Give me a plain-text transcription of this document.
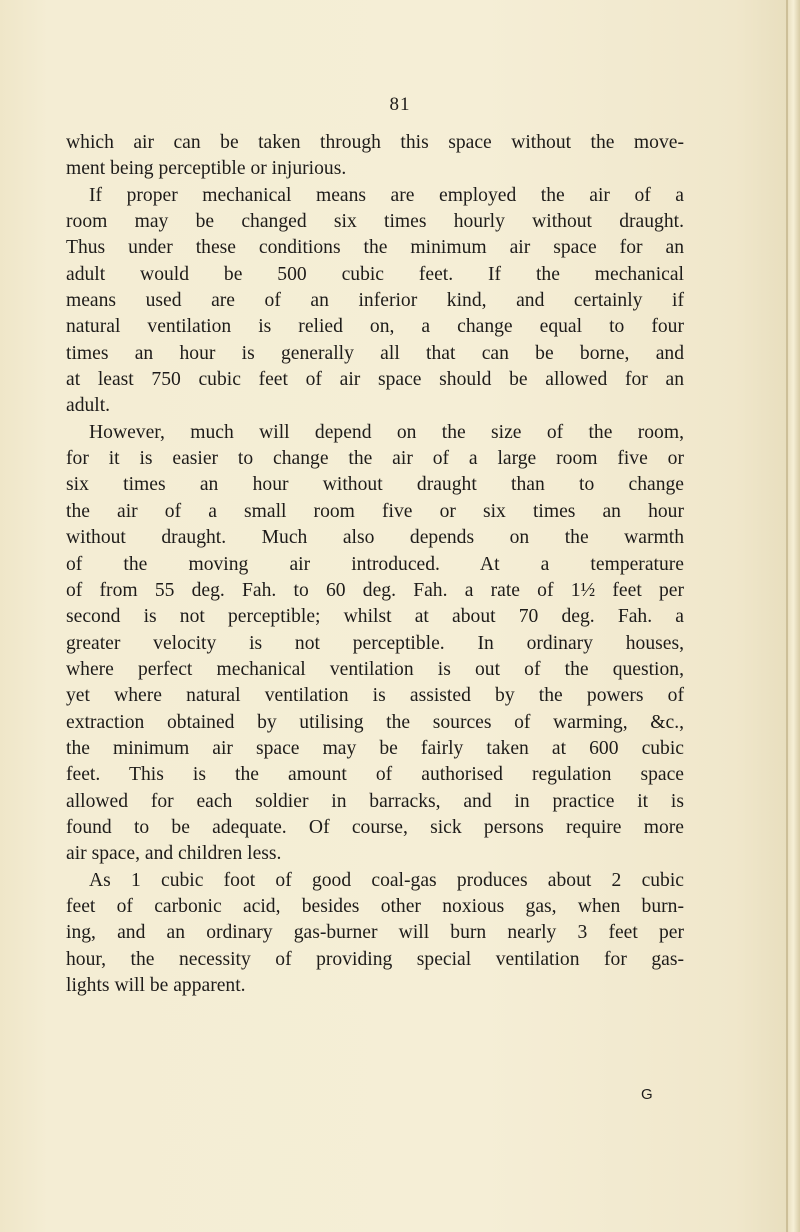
81
which air can be taken through this space without the move-
ment being perceptible or injurious.
If proper mechanical means are employed the air of a
room may be changed six times hourly without draught.
Thus under these conditions the minimum air space for an
adult would be 500 cubic feet. If the mechanical
means used are of an inferior kind, and certainly if
natural ventilation is relied on, a change equal to four
times an hour is generally all that can be borne, and
at least 750 cubic feet of air space should be allowed for an
adult.
However, much will depend on the size of the room,
for it is easier to change the air of a large room five or
six times an hour without draught than to change
the air of a small room five or six times an hour
without draught. Much also depends on the warmth
of the moving air introduced. At a temperature
of from 55 deg. Fah. to 60 deg. Fah. a rate of 1½ feet per
second is not perceptible; whilst at about 70 deg. Fah. a
greater velocity is not perceptible. In ordinary houses,
where perfect mechanical ventilation is out of the question,
yet where natural ventilation is assisted by the powers of
extraction obtained by utilising the sources of warming, &c.,
the minimum air space may be fairly taken at 600 cubic
feet. This is the amount of authorised regulation space
allowed for each soldier in barracks, and in practice it is
found to be adequate. Of course, sick persons require more
air space, and children less.
As 1 cubic foot of good coal-gas produces about 2 cubic
feet of carbonic acid, besides other noxious gas, when burn-
ing, and an ordinary gas-burner will burn nearly 3 feet per
hour, the necessity of providing special ventilation for gas-
lights will be apparent.
G
